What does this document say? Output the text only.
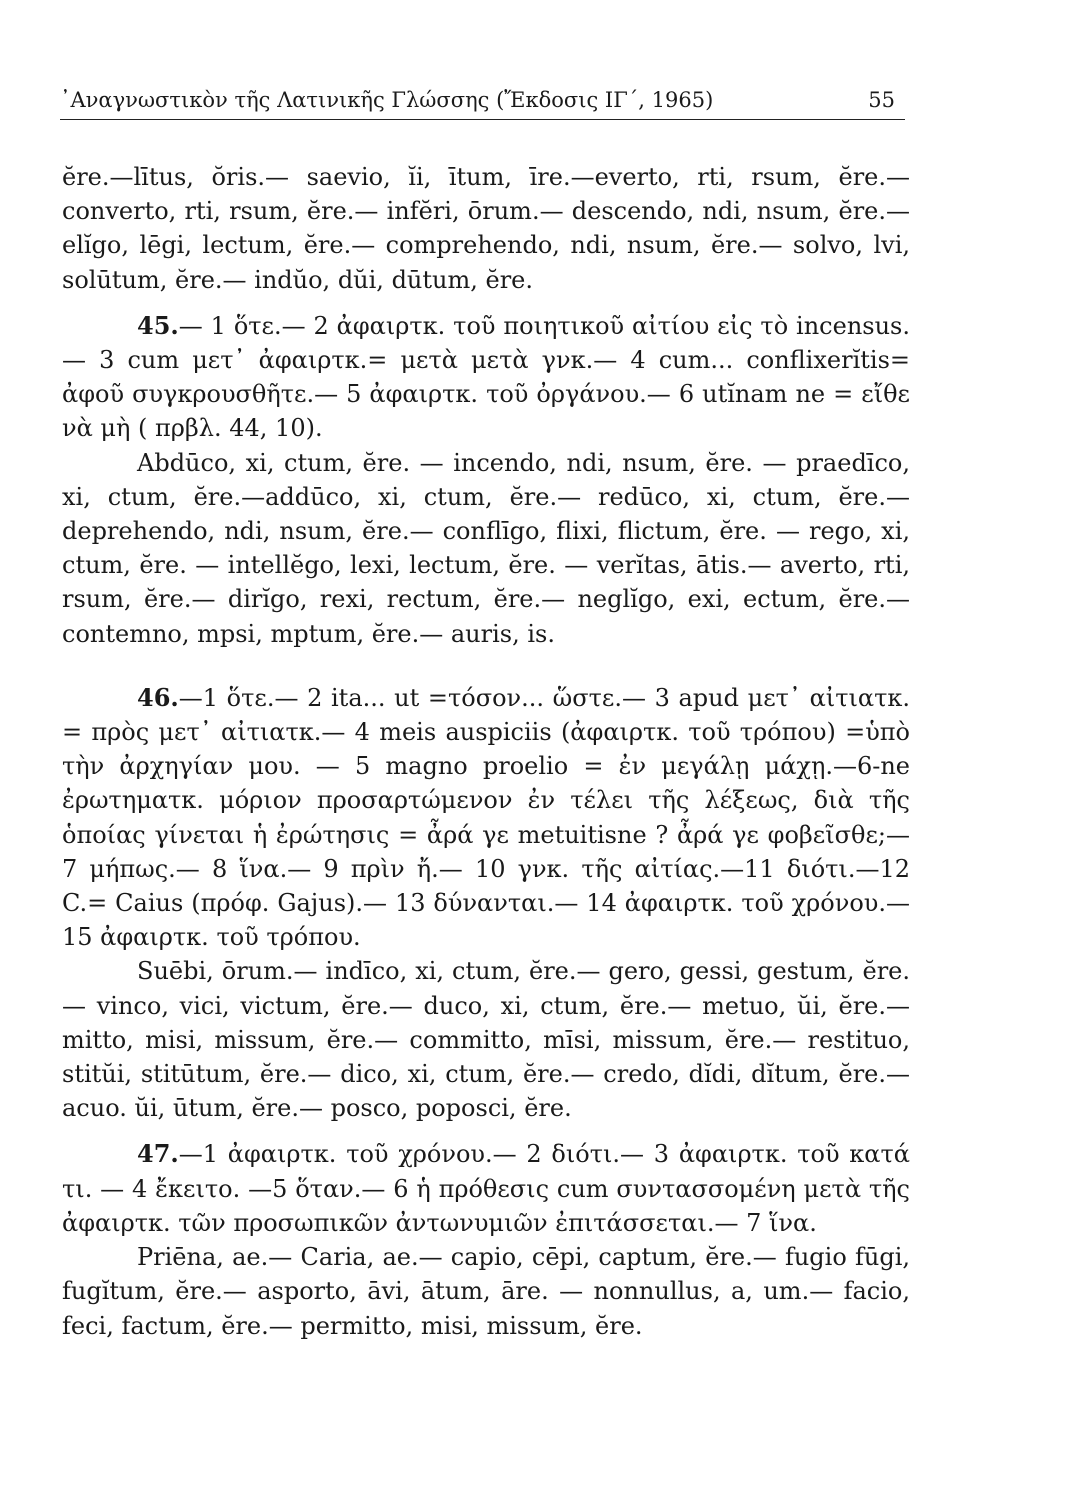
᾿Αναγνωστικὸν τῆς Λατινικῆς Γλώσσης (Ἔκδοσις ΙΓ΄, 1965)	55

ĕre.—lītus, ŏris.— saevio, ĭi, ītum, īre.—everto, rti, rsum, ĕre.— converto, rti, rsum, ĕre.— infĕri, ōrum.— descendo, ndi, nsum, ĕre.— elĭgo, lēgi, lectum, ĕre.— comprehendo, ndi, nsum, ĕre.— solvo, lvi, solūtum, ĕre.— indŭo, dŭi, dūtum, ĕre.

45.— 1 ὅτε.— 2 ἀφαιρτκ. τοῦ ποιητικοῦ αἰτίου εἰς τὸ incensus.— 3 cum μετ᾿ ἀφαιρτκ.= μετὰ μετὰ γνκ.— 4 cum... conflixerĭtis= ἀφοῦ συγκρουσθῆτε.— 5 ἀφαιρτκ. τοῦ ὀργάνου.— 6 utĭnam ne = εἴθε νὰ μὴ ( πρβλ. 44, 10).

Abdūco, xi, ctum, ĕre. — incendo, ndi, nsum, ĕre. — praedīco, xi, ctum, ĕre.—addūco, xi, ctum, ĕre.— redūco, xi, ctum, ĕre.— deprehendo, ndi, nsum, ĕre.— conflīgo, flixi, flictum, ĕre. — rego, xi, ctum, ĕre. — intellĕgo, lexi, lectum, ĕre. — verĭtas, ātis.— averto, rti, rsum, ĕre.— dirĭgo, rexi, rectum, ĕre.— neglĭgo, exi, ectum, ĕre.— contemno, mpsi, mptum, ĕre.— auris, is.

46.—1 ὅτε.— 2 ita... ut =τόσον... ὥστε.— 3 apud μετ᾿ αἰτιατκ. = πρὸς μετ᾿ αἰτιατκ.— 4 meis auspiciis (ἀφαιρτκ. τοῦ τρόπου) =ὑπὸ τὴν ἀρχηγίαν μου. — 5 magno proelio = ἐν μεγάλῃ μάχῃ.—6-ne ἐρωτηματκ. μόριον προσαρτώμενον ἐν τέλει τῆς λέξεως, διὰ τῆς ὁποίας γίνεται ἡ ἐρώτησις = ἆρά γε metuitisne ? ἆρά γε φοβεῖσθε;— 7 μήπως.— 8 ἵνα.— 9 πρὶν ἤ.— 10 γνκ. τῆς αἰτίας.—11 διότι.—12 C.= Caius (πρόφ. Gajus).— 13 δύνανται.— 14 ἀφαιρτκ. τοῦ χρόνου.— 15 ἀφαιρτκ. τοῦ τρόπου.

Suēbi, ōrum.— indīco, xi, ctum, ĕre.— gero, gessi, gestum, ĕre.— vinco, vici, victum, ĕre.— duco, xi, ctum, ĕre.— metuo, ŭi, ĕre.— mitto, misi, missum, ĕre.— committo, mīsi, missum, ĕre.— restituo, stitŭi, stitūtum, ĕre.— dico, xi, ctum, ĕre.— credo, dĭdi, dĭtum, ĕre.—acuo. ŭi, ūtum, ĕre.— posco, poposci, ĕre.

47.—1 ἀφαιρτκ. τοῦ χρόνου.— 2 διότι.— 3 ἀφαιρτκ. τοῦ κατά τι. — 4 ἔκειτο. —5 ὅταν.— 6 ἡ πρόθεσις cum συντασσομένη μετὰ τῆς ἀφαιρτκ. τῶν προσωπικῶν ἀντωνυμιῶν ἐπιτάσσεται.— 7 ἵνα.

Priēna, ae.— Caria, ae.— capio, cēpi, captum, ĕre.— fugio fūgi, fugĭtum, ĕre.— asporto, āvi, ātum, āre. — nonnullus, a, um.— facio, feci, factum, ĕre.— permitto, misi, missum, ĕre.
